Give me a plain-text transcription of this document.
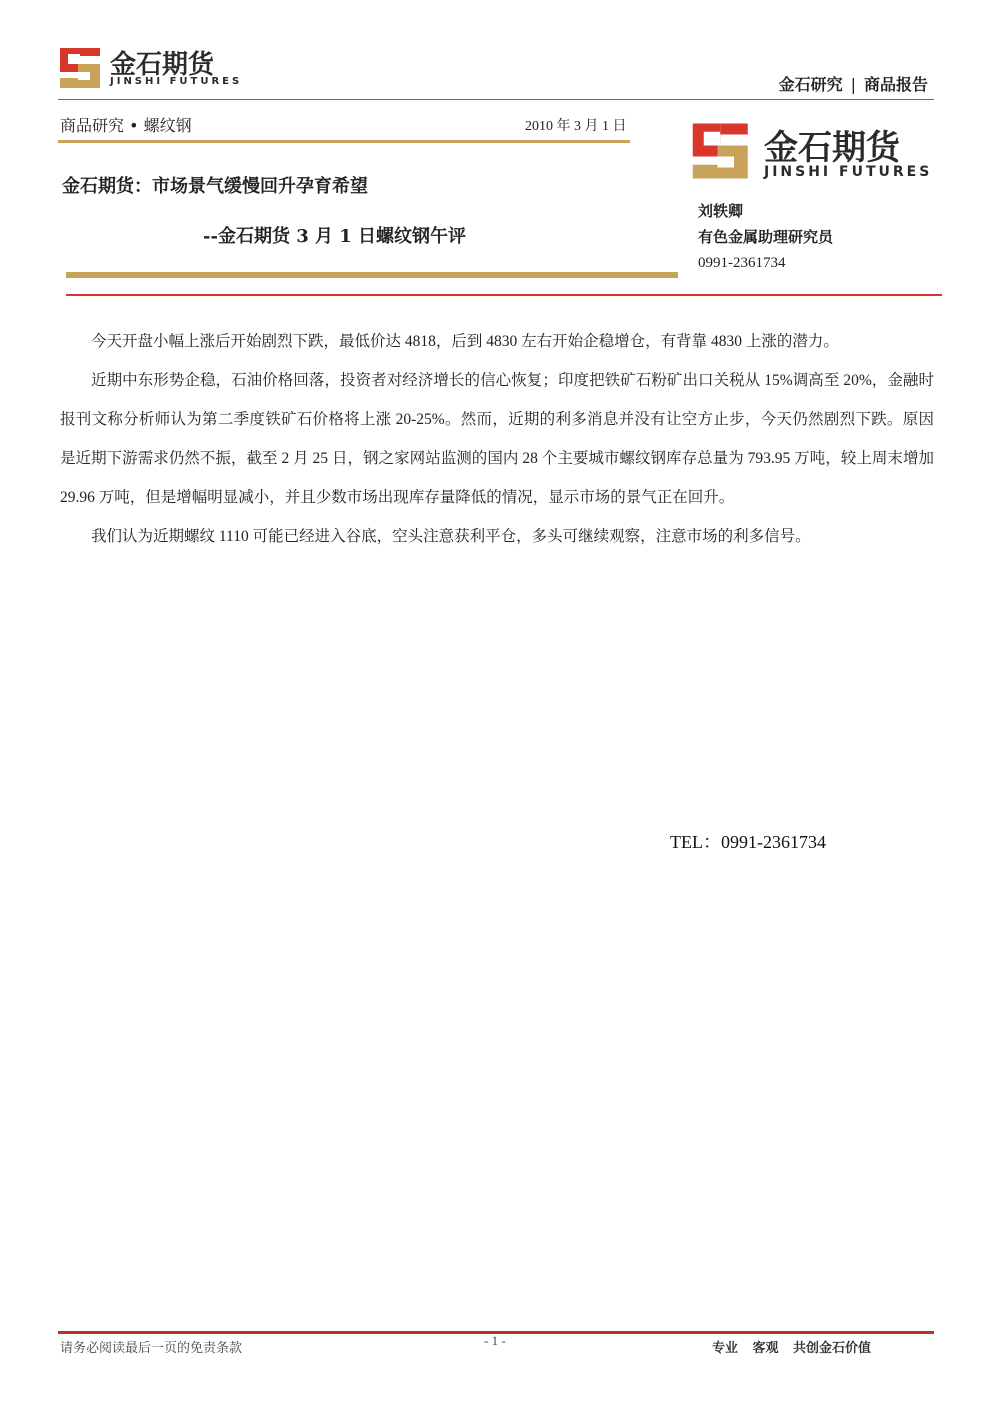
金石期货
JINSHI FUTURES	金石研究 | 商品报告
商品研究 • 螺纹钢	2010 年 3 月 1 日
金石期货
JINSHI FUTURES
金石期货：市场景气缓慢回升孕育希望
--金石期货 3 月 1 日螺纹钢午评
刘轶卿
有色金属助理研究员
0991-2361734

今天开盘小幅上涨后开始剧烈下跌，最低价达 4818，后到 4830 左右开始企稳增仓，有背靠 4830 上涨的潜力。

近期中东形势企稳，石油价格回落，投资者对经济增长的信心恢复；印度把铁矿石粉矿出口关税从 15%调高至 20%，金融时报刊文称分析师认为第二季度铁矿石价格将上涨 20-25%。然而，近期的利多消息并没有让空方止步，今天仍然剧烈下跌。原因是近期下游需求仍然不振，截至 2 月 25 日，钢之家网站监测的国内 28 个主要城市螺纹钢库存总量为 793.95 万吨，较上周末增加 29.96 万吨，但是增幅明显减小，并且少数市场出现库存量降低的情况，显示市场的景气正在回升。

我们认为近期螺纹 1110 可能已经进入谷底，空头注意获利平仓，多头可继续观察，注意市场的利多信号。

TEL：0991-2361734
请务必阅读最后一页的免责条款
- 1 -
专业 客观 共创金石价值
